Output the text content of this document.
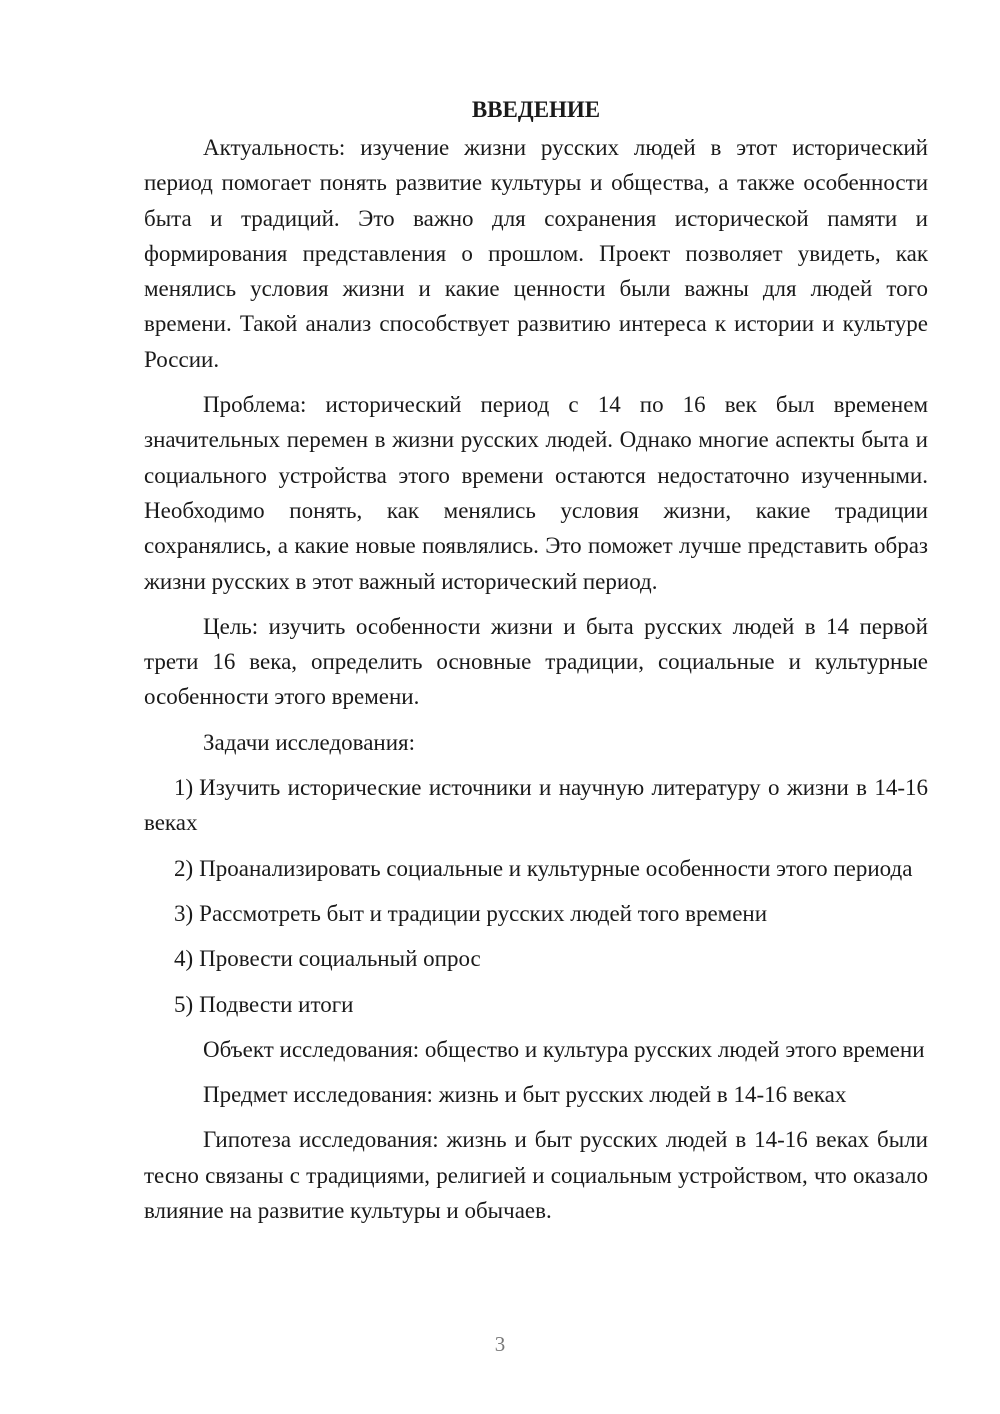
ВВЕДЕНИЕ

Актуальность: изучение жизни русских людей в этот исторический период помогает понять развитие культуры и общества, а также особенности быта и традиций. Это важно для сохранения исторической памяти и формирования представления о прошлом. Проект позволяет увидеть, как менялись условия жизни и какие ценности были важны для людей того времени. Такой анализ способствует развитию интереса к истории и культуре России.

Проблема: исторический период с 14 по 16 век был временем значительных перемен в жизни русских людей. Однако многие аспекты быта и социального устройства этого времени остаются недостаточно изученными. Необходимо понять, как менялись условия жизни, какие традиции сохранялись, а какие новые появлялись. Это поможет лучше представить образ жизни русских в этот важный исторический период.

Цель: изучить особенности жизни и быта русских людей в 14 первой трети 16 века, определить основные традиции, социальные и культурные особенности этого времени.

Задачи исследования:

1) Изучить исторические источники и научную литературу о жизни в 14-16 веках

2) Проанализировать социальные и культурные особенности этого периода

3) Рассмотреть быт и традиции русских людей того времени

4) Провести социальный опрос

5) Подвести итоги

Объект исследования: общество и культура русских людей этого времени

Предмет исследования: жизнь и быт русских людей в 14-16 веках

Гипотеза исследования: жизнь и быт русских людей в 14-16 веках были тесно связаны с традициями, религией и социальным устройством, что оказало влияние на развитие культуры и обычаев.

3
